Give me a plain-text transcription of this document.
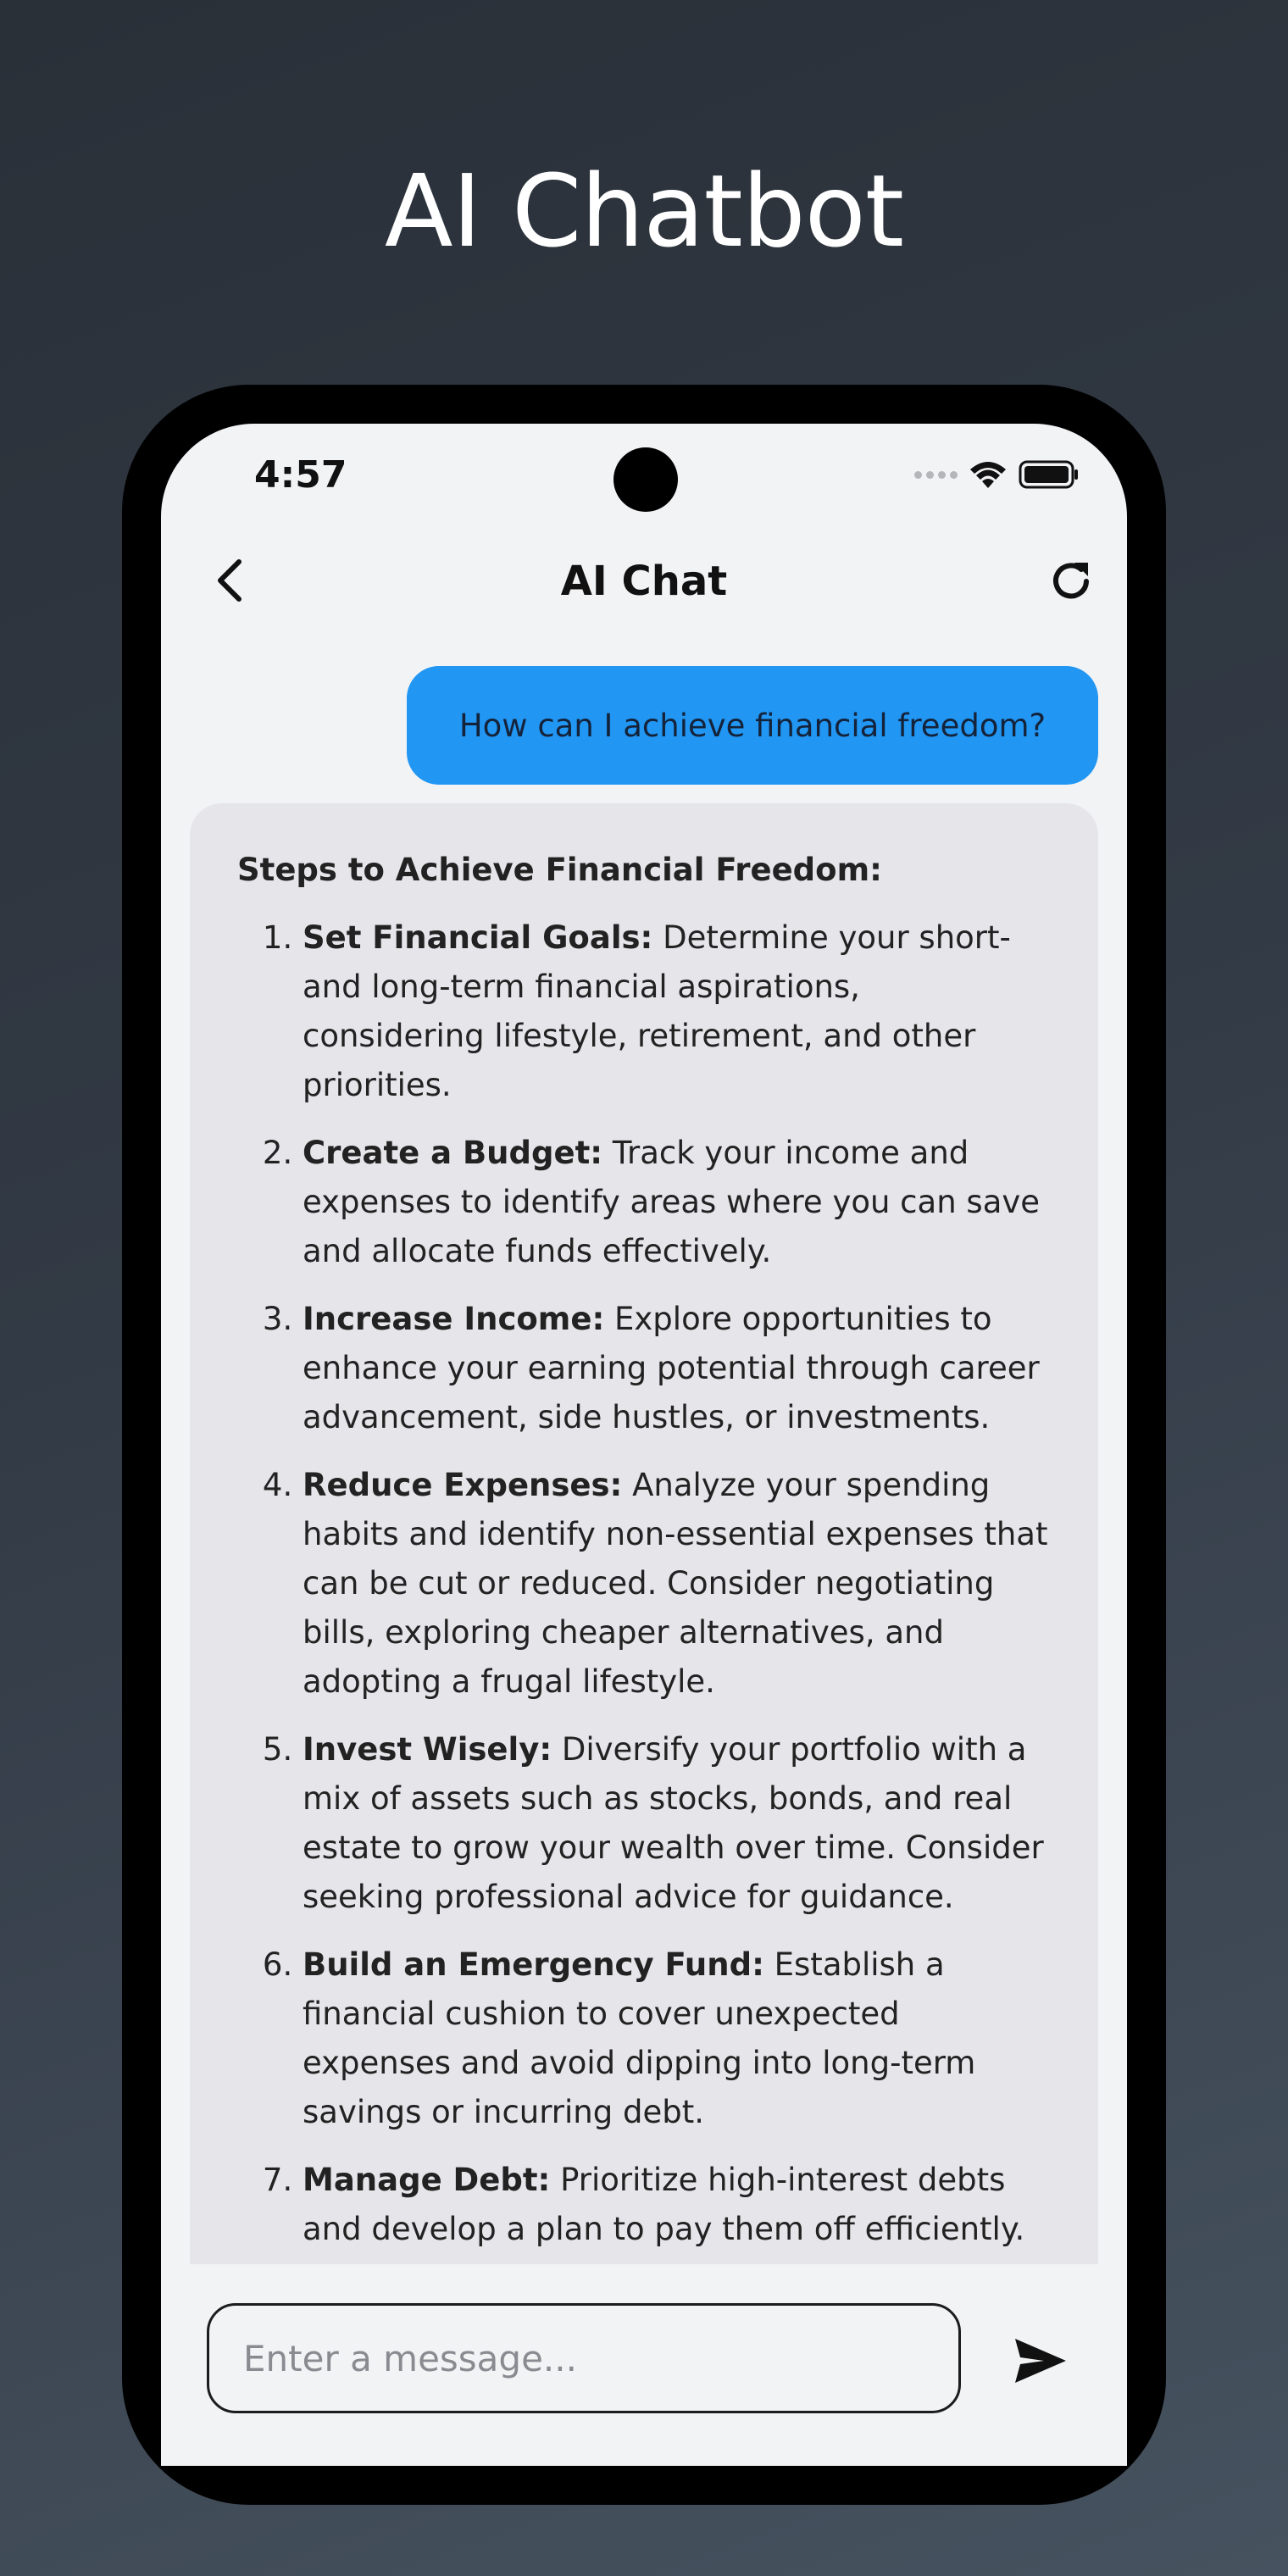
AI Chatbot
4:57
AI Chat
How can I achieve financial freedom?

Steps to Achieve Financial Freedom:

1. Set Financial Goals: Determine your short-and long-term financial aspirations, considering lifestyle, retirement, and other priorities.
2. Create a Budget: Track your income and expenses to identify areas where you can save and allocate funds effectively.
3. Increase Income: Explore opportunities to enhance your earning potential through career advancement, side hustles, or investments.
4. Reduce Expenses: Analyze your spending habits and identify non-essential expenses that can be cut or reduced. Consider negotiating bills, exploring cheaper alternatives, and adopting a frugal lifestyle.
5. Invest Wisely: Diversify your portfolio with a mix of assets such as stocks, bonds, and real estate to grow your wealth over time. Consider seeking professional advice for guidance.
6. Build an Emergency Fund: Establish a financial cushion to cover unexpected expenses and avoid dipping into long-term savings or incurring debt.
7. Manage Debt: Prioritize high-interest debts and develop a plan to pay them off efficiently.
Enter a message...
